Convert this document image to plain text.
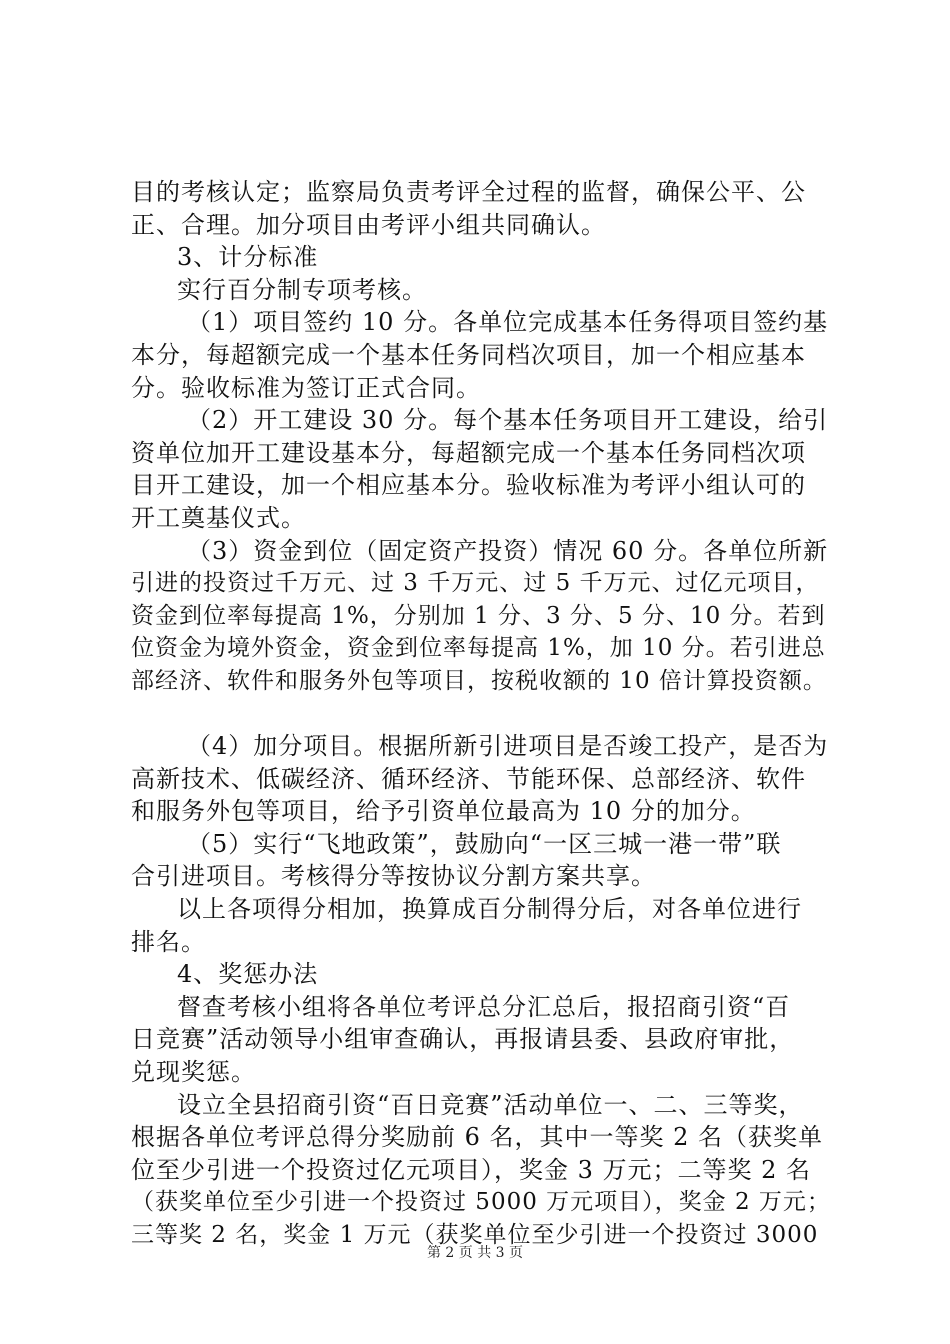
目的考核认定；监察局负责考评全过程的监督，确保公平、公
正、合理。加分项目由考评小组共同确认。
3、计分标准
实行百分制专项考核。
（1）项目签约 10 分。各单位完成基本任务得项目签约基
本分，每超额完成一个基本任务同档次项目，加一个相应基本
分。验收标准为签订正式合同。
（2）开工建设 30 分。每个基本任务项目开工建设，给引
资单位加开工建设基本分，每超额完成一个基本任务同档次项
目开工建设，加一个相应基本分。验收标准为考评小组认可的
开工奠基仪式。
（3）资金到位（固定资产投资）情况 60 分。各单位所新
引进的投资过千万元、过 3 千万元、过 5 千万元、过亿元项目，
资金到位率每提高 1%，分别加 1 分、3 分、5 分、10 分。若到
位资金为境外资金，资金到位率每提高 1%，加 10 分。若引进总
部经济、软件和服务外包等项目，按税收额的 10 倍计算投资额。
（4）加分项目。根据所新引进项目是否竣工投产，是否为
高新技术、低碳经济、循环经济、节能环保、总部经济、软件
和服务外包等项目，给予引资单位最高为 10 分的加分。
（5）实行“飞地政策”，鼓励向“一区三城一港一带”联
合引进项目。考核得分等按协议分割方案共享。
以上各项得分相加，换算成百分制得分后，对各单位进行
排名。
4、奖惩办法
督查考核小组将各单位考评总分汇总后，报招商引资“百
日竞赛”活动领导小组审查确认，再报请县委、县政府审批，
兑现奖惩。
设立全县招商引资“百日竞赛”活动单位一、二、三等奖，
根据各单位考评总得分奖励前 6 名，其中一等奖 2 名（获奖单
位至少引进一个投资过亿元项目），奖金 3 万元；二等奖 2 名
（获奖单位至少引进一个投资过 5000 万元项目），奖金 2 万元；
三等奖 2 名，奖金 1 万元（获奖单位至少引进一个投资过 3000
第 2 页 共 3 页
